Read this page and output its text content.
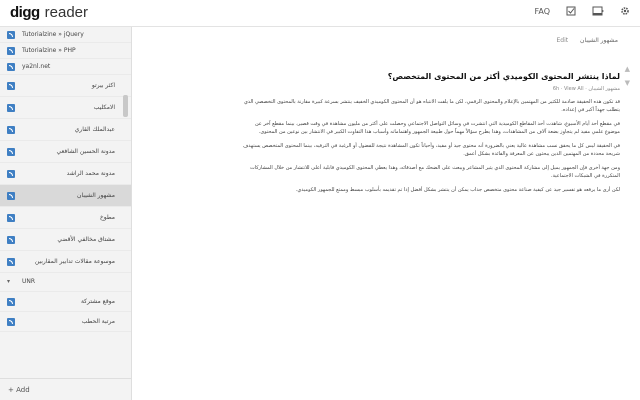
digg reader	FAQ
Tutorialzine » jQuery
Tutorialzine » PHP
ya2nl.net
اكثر بيرتو
الامكليب
عبدالملك القاري
مدونة الحسين الشافعي
مدونة محمد الراشد
مشهور الشيبان
مطوخ
مشتاق مخالفي الأقضي
موسوعة مقالات تدابير المقاربين
▾ UNR
موقع مشتركة
مرتبة الحطب
+ Add
Edit مشهور الشيبان
▲
▼
لماذا ينتشر المحتوى الكوميدي أكثر من المحتوى المتخصص؟
مشهور الشيبان · 6h · View All

قد تكون هذه الحقيقة صادمة للكثير من المهتمين بالإعلام والمحتوى الرقمي، لكن ما يلفت الانتباه هو أن المحتوى الكوميدي الخفيف ينتشر بسرعة كبيرة مقارنة بالمحتوى التخصصي الذي يتطلب جهداً أكبر في إعداده.

في مقطع أحد أيام الأسبوع، شاهدت أحد المقاطع الكوميدية التي انتشرت في وسائل التواصل الاجتماعي وحصلت على أكثر من مليون مشاهدة في وقت قصير، بينما مقطع آخر عن موضوع علمي مفيد لم يتجاوز بضعة آلاف من المشاهدات، وهذا يطرح سؤالاً مهماً حول طبيعة الجمهور واهتماماته وأسباب هذا التفاوت الكبير في الانتشار بين نوعين من المحتوى.

في الحقيقة ليس كل ما يحقق نسب مشاهدة عالية يعني بالضرورة أنه محتوى جيد أو مفيد، وأحياناً تكون المشاهدة نتيجة للفضول أو الرغبة في الترفيه، بينما المحتوى المتخصص يستهدف شريحة محددة من المهتمين الذين يبحثون عن المعرفة والفائدة بشكل أعمق.

ومن جهة أخرى فإن الجمهور يميل إلى مشاركة المحتوى الذي يثير المشاعر ويبعث على الضحك مع أصدقائه، وهذا يعطي المحتوى الكوميدي قابلية أعلى للانتشار من خلال المشاركات المتكررة في الشبكات الاجتماعية.

لكن أرى ما يرفعه هو تفسير جيد عن كيفية صناعة محتوى متخصص جذاب يمكن أن ينتشر بشكل أفضل إذا تم تقديمه بأسلوب مبسط وممتع للجمهور الكوميدي.
